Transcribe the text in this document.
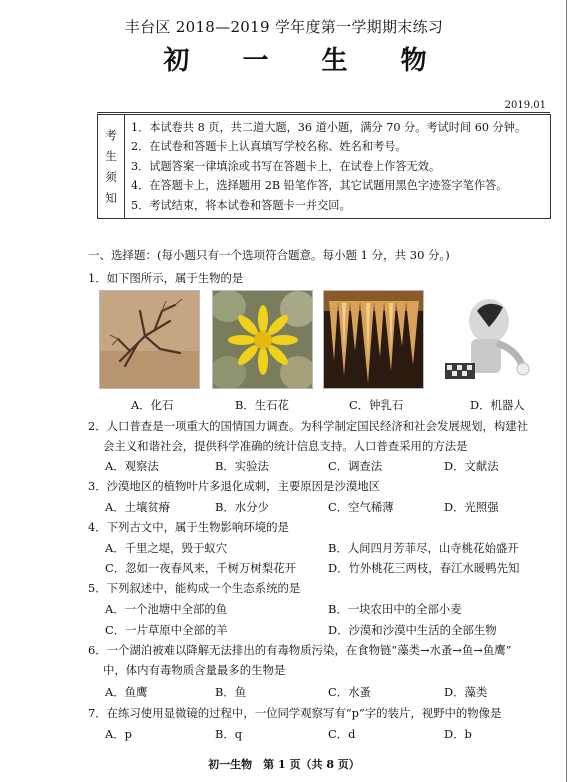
丰台区 2018—2019 学年度第一学期期末练习
初 一 生 物
2019.01
考
生
须
知

1．本试卷共 8 页，共二道大题，36 道小题，满分 70 分。考试时间 60 分钟。
2．在试卷和答题卡上认真填写学校名称、姓名和考号。
3．试题答案一律填涂或书写在答题卡上，在试卷上作答无效。
4．在答题卡上，选择题用 2B 铅笔作答，其它试题用黑色字迹签字笔作答。
5．考试结束，将本试卷和答题卡一并交回。
一、选择题：(每小题只有一个选项符合题意。每小题 1 分，共 30 分。)
1．如下图所示，属于生物的是
A．化石	B．生石花	C．钟乳石	D．机器人
2．人口普查是一项重大的国情国力调查。为科学制定国民经济和社会发展规划，构建社
会主义和谐社会，提供科学准确的统计信息支持。人口普查采用的方法是
A．观察法	B．实验法	C．调查法	D．文献法
3．沙漠地区的植物叶片多退化成刺，主要原因是沙漠地区
A．土壤贫瘠	B．水分少	C．空气稀薄	D．光照强
4．下列古文中，属于生物影响环境的是
A．千里之堤，毁于蚁穴	B．人间四月芳菲尽，山寺桃花始盛开
C．忽如一夜春风来，千树万树梨花开	D．竹外桃花三两枝，春江水暖鸭先知
5．下列叙述中，能构成一个生态系统的是
A．一个池塘中全部的鱼	B．一块农田中的全部小麦
C．一片草原中全部的羊	D．沙漠和沙漠中生活的全部生物
6．一个湖泊被难以降解无法排出的有毒物质污染，在食物链“藻类→水蚤→鱼→鱼鹰”
中，体内有毒物质含量最多的生物是
A．鱼鹰	B．鱼	C．水蚤	D．藻类
7．在练习使用显微镜的过程中，一位同学观察写有“p”字的装片，视野中的物像是
A．p	B．q	C．d	D．b
初一生物　第 1 页（共 8 页）
